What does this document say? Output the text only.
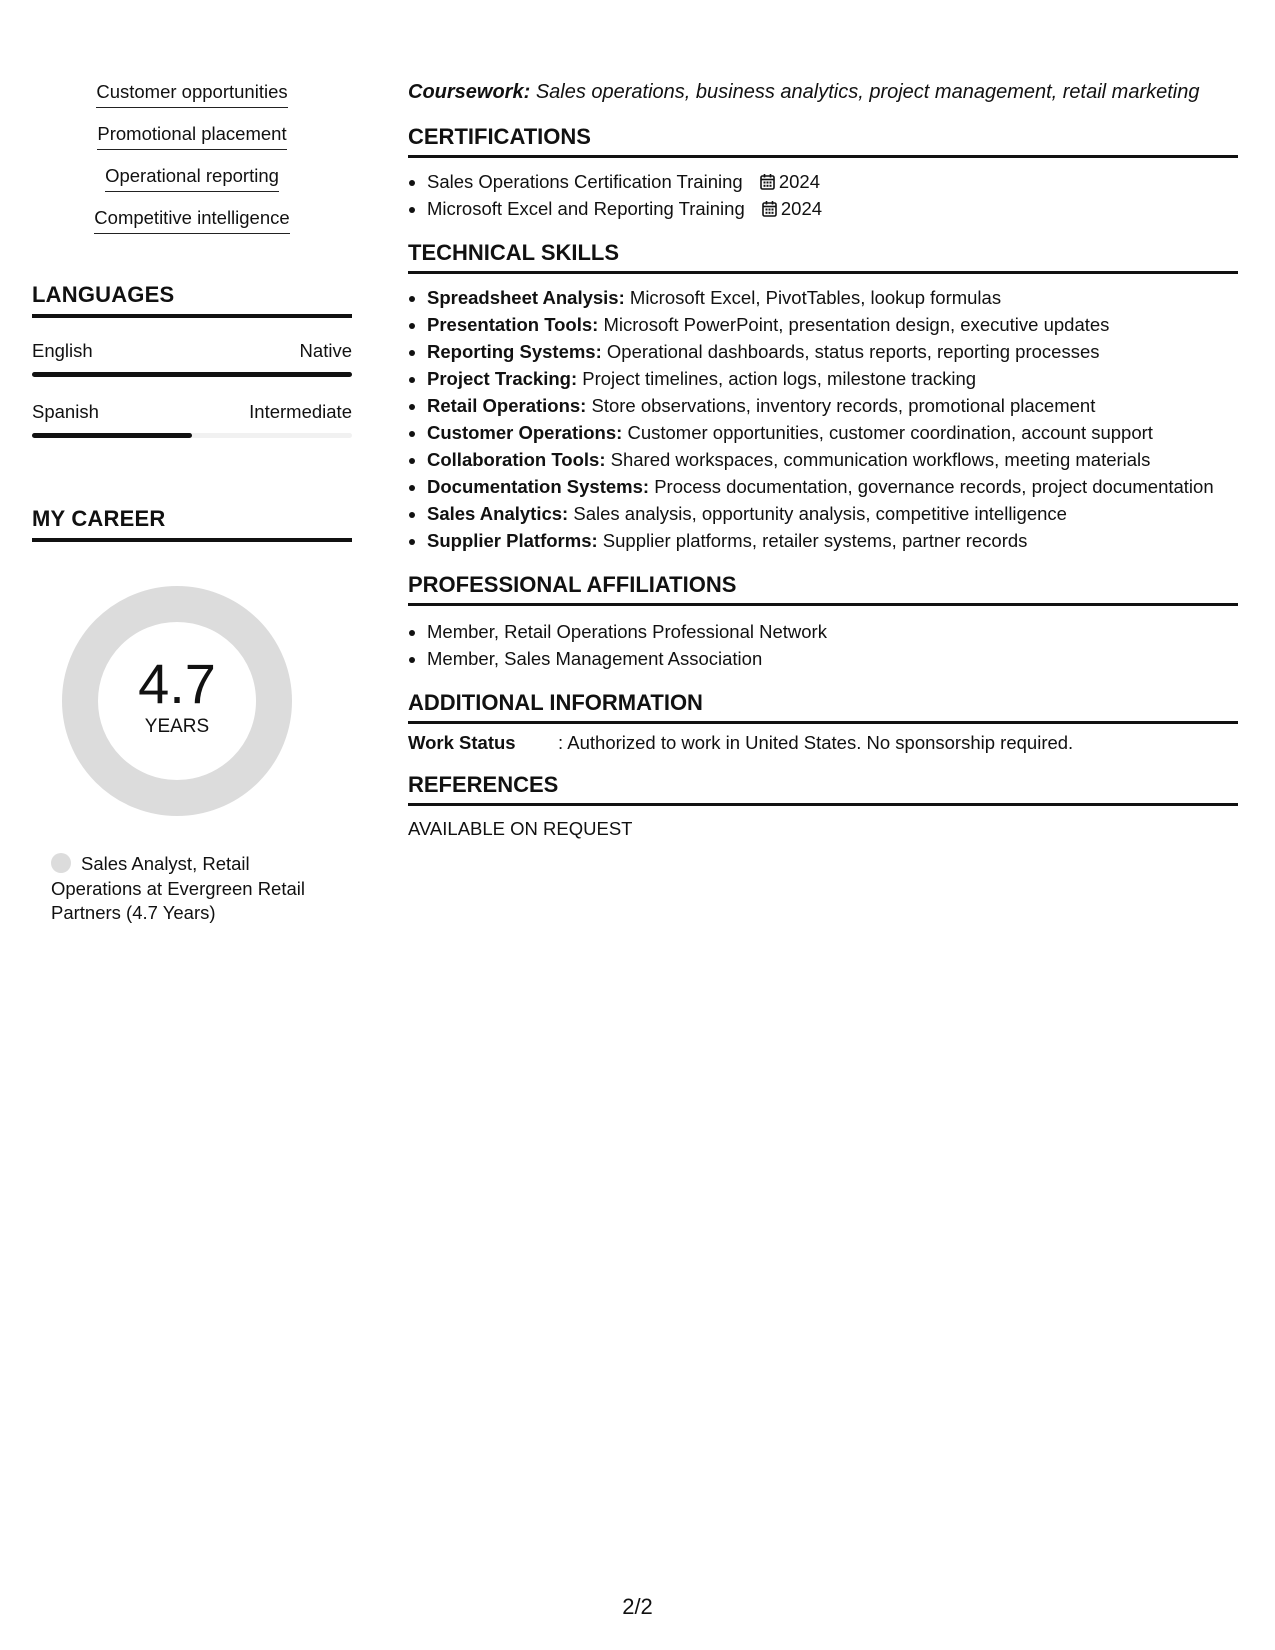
Customer opportunities
Promotional placement
Operational reporting
Competitive intelligence
LANGUAGES
English	Native
Spanish	Intermediate
MY CAREER
4.7
YEARS
Sales Analyst, Retail Operations at Evergreen Retail Partners (4.7 Years)

Coursework: Sales operations, business analytics, project management, retail marketing

CERTIFICATIONS
• Sales Operations Certification Training 2024
• Microsoft Excel and Reporting Training 2024
TECHNICAL SKILLS
• Spreadsheet Analysis: Microsoft Excel, PivotTables, lookup formulas
• Presentation Tools: Microsoft PowerPoint, presentation design, executive updates
• Reporting Systems: Operational dashboards, status reports, reporting processes
• Project Tracking: Project timelines, action logs, milestone tracking
• Retail Operations: Store observations, inventory records, promotional placement
• Customer Operations: Customer opportunities, customer coordination, account support
• Collaboration Tools: Shared workspaces, communication workflows, meeting materials
• Documentation Systems: Process documentation, governance records, project documentation
• Sales Analytics: Sales analysis, opportunity analysis, competitive intelligence
• Supplier Platforms: Supplier platforms, retailer systems, partner records
PROFESSIONAL AFFILIATIONS
• Member, Retail Operations Professional Network
• Member, Sales Management Association
ADDITIONAL INFORMATION
Work Status	: Authorized to work in United States. No sponsorship required.
REFERENCES
AVAILABLE ON REQUEST
2/2
